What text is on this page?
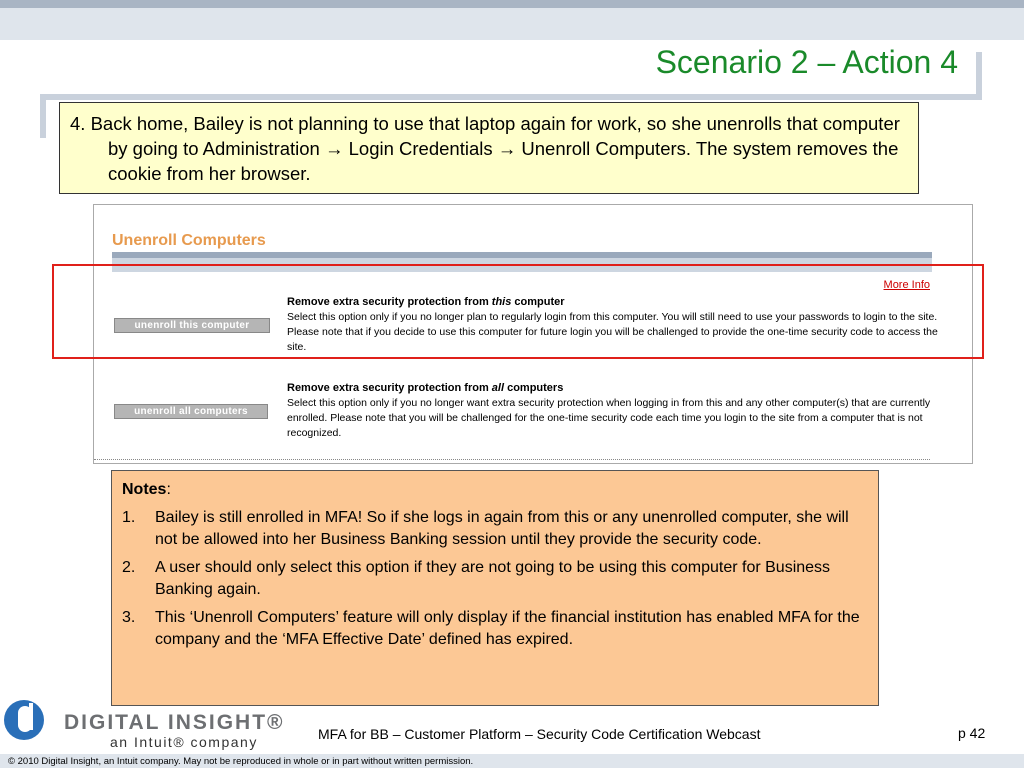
Scenario 2 – Action 4

4. Back home, Bailey is not planning to use that laptop again for work, so she unenrolls that computer by going to Administration → Login Credentials → Unenroll Computers. The system removes the cookie from her browser.

Unenroll Computers
More Info
unenroll this computer
Remove extra security protection from this computer
Select this option only if you no longer plan to regularly login from this computer. You will still need to use your passwords to login to the site. Please note that if you decide to use this computer for future login you will be challenged to provide the one-time security code to access the site.
unenroll all computers
Remove extra security protection from all computers
Select this option only if you no longer want extra security protection when logging in from this and any other computer(s) that are currently enrolled. Please note that you will be challenged for the one-time security code each time you login to the site from a computer that is not recognized.
Notes:
1. Bailey is still enrolled in MFA! So if she logs in again from this or any unenrolled computer, she will not be allowed into her Business Banking session until they provide the security code.
2. A user should only select this option if they are not going to be using this computer for Business Banking again.
3. This ‘Unenroll Computers’ feature will only display if the financial institution has enabled MFA for the company and the ‘MFA Effective Date’ defined has expired.
DIGITAL INSIGHT®
an Intuit® company	MFA for BB – Customer Platform – Security Code Certification Webcast	p 42
© 2010 Digital Insight, an Intuit company. May not be reproduced in whole or in part without written permission.
